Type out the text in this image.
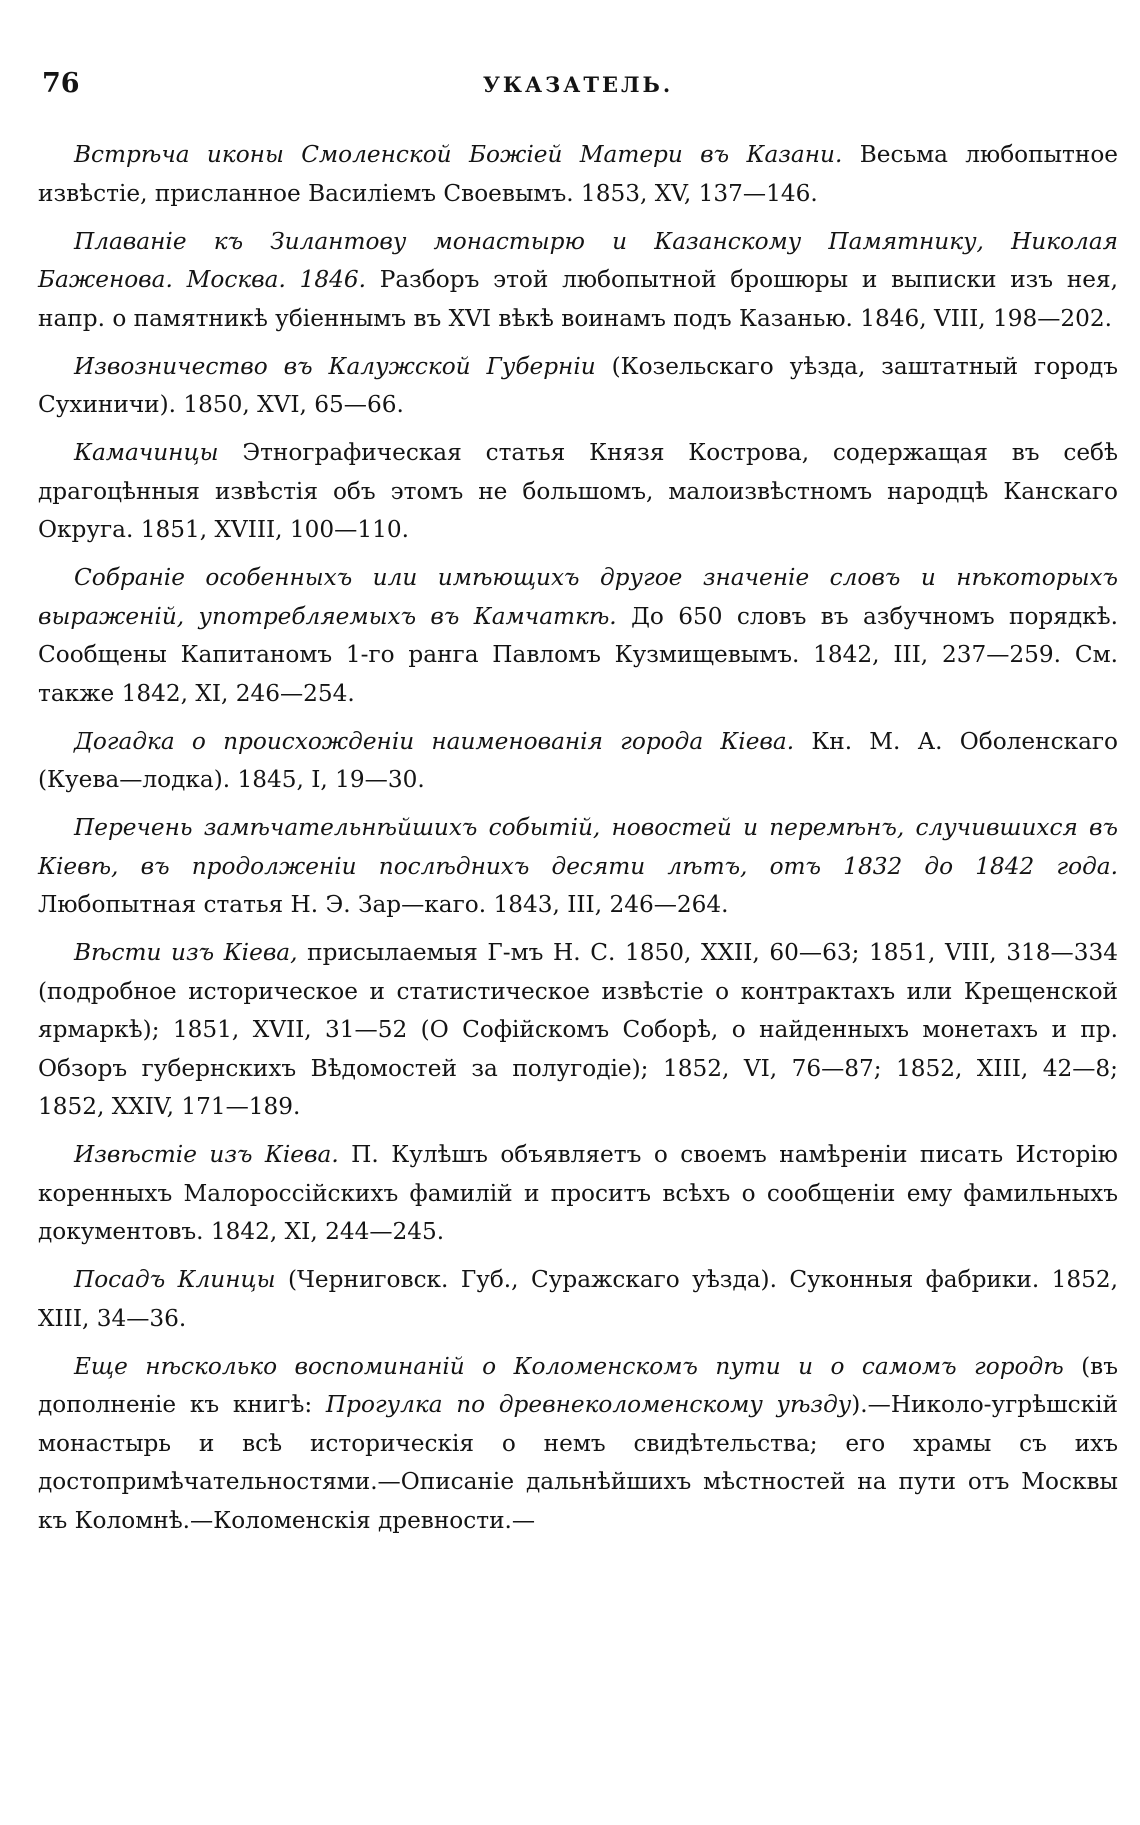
76	УКАЗАТЕЛЬ.

Встрѣча иконы Смоленской Божіей Матери въ Казани. Весьма любопытное извѣстіе, присланное Василіемъ Своевымъ. 1853, XV, 137—146.

Плаваніе къ Зилантову монастырю и Казанскому Памятнику, Николая Баженова. Москва. 1846. Разборъ этой любопытной брошюры и выписки изъ нея, напр. о памятникѣ убіеннымъ въ XVI вѣкѣ воинамъ подъ Казанью. 1846, VIII, 198—202.

Извозничество въ Калужской Губерніи (Козельскаго уѣзда, заштатный городъ Сухиничи). 1850, XVI, 65—66.

Камачинцы Этнографическая статья Князя Кострова, содержащая въ себѣ драгоцѣнныя извѣстія объ этомъ не большомъ, малоизвѣстномъ народцѣ Канскаго Округа. 1851, XVIII, 100—110.

Собраніе особенныхъ или имѣющихъ другое значеніе словъ и нѣкоторыхъ выраженій, употребляемыхъ въ Камчаткѣ. До 650 словъ въ азбучномъ порядкѣ. Сообщены Капитаномъ 1-го ранга Павломъ Кузмищевымъ. 1842, III, 237—259. См. также 1842, XI, 246—254.

Догадка о происхожденіи наименованія города Кіева. Кн. М. А. Оболенскаго (Куева—лодка). 1845, I, 19—30.

Перечень замѣчательнѣйшихъ событій, новостей и перемѣнъ, случившихся въ Кіевѣ, въ продолженіи послѣднихъ десяти лѣтъ, отъ 1832 до 1842 года. Любопытная статья Н. Э. Зар—каго. 1843, III, 246—264.

Вѣсти изъ Кіева, присылаемыя Г-мъ Н. С. 1850, XXII, 60—63; 1851, VIII, 318—334 (подробное историческое и статистическое извѣстіе о контрактахъ или Крещенской ярмаркѣ); 1851, XVII, 31—52 (О Софійскомъ Соборѣ, о найденныхъ монетахъ и пр. Обзоръ губернскихъ Вѣдомостей за полугодіе); 1852, VI, 76—87; 1852, XIII, 42—8; 1852, XXIV, 171—189.

Извѣстіе изъ Кіева. П. Кулѣшъ объявляетъ о своемъ намѣреніи писать Исторію коренныхъ Малороссійскихъ фамилій и проситъ всѣхъ о сообщеніи ему фамильныхъ документовъ. 1842, XI, 244—245.

Посадъ Клинцы (Черниговск. Губ., Суражскаго уѣзда). Суконныя фабрики. 1852, XIII, 34—36.

Еще нѣсколько воспоминаній о Коломенскомъ пути и о самомъ городѣ (въ дополненіе къ книгѣ: Прогулка по древнеколоменскому уѣзду).—Николо-угрѣшскій монастырь и всѣ историческія о немъ свидѣтельства; его храмы съ ихъ достопримѣчательностями.—Описаніе дальнѣйшихъ мѣстностей на пути отъ Москвы къ Коломнѣ.—Коломенскія древности.—
